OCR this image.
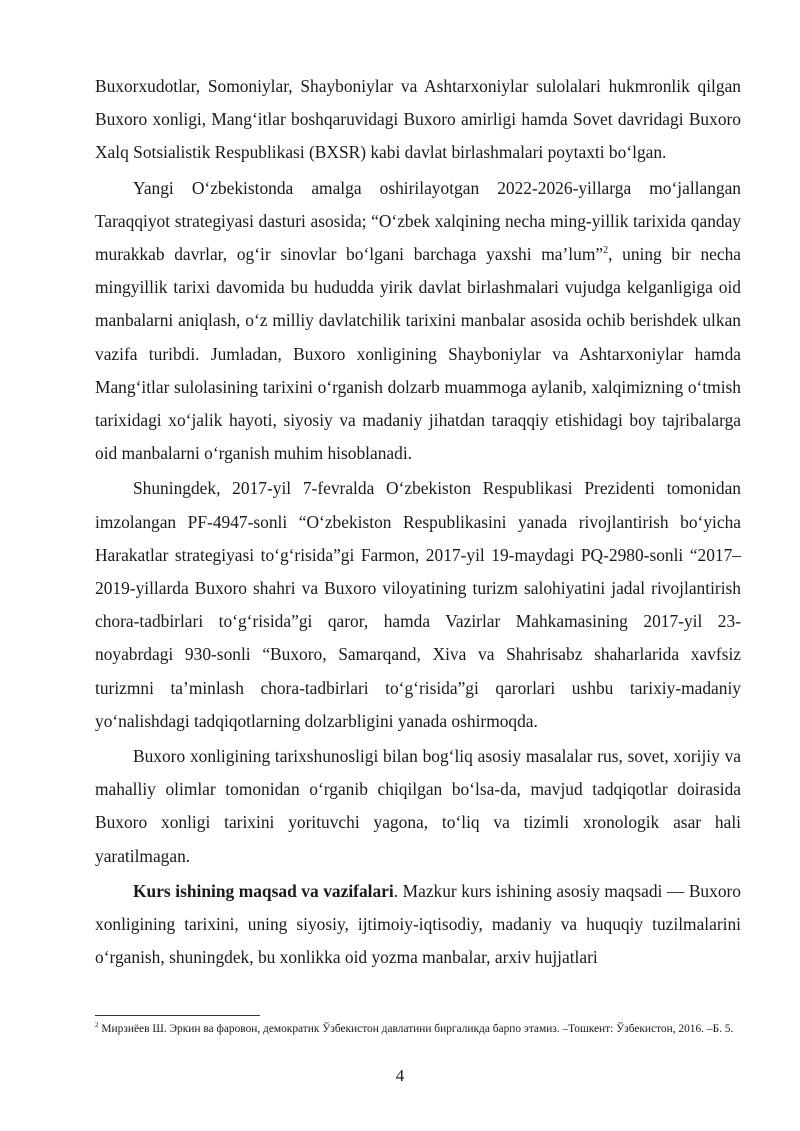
Buxorxudotlar, Somoniylar, Shayboniylar va Ashtarxoniylar sulolalari hukmronlik qilgan Buxoro xonligi, Mang‘itlar boshqaruvidagi Buxoro amirligi hamda Sovet davridagi Buxoro Xalq Sotsialistik Respublikasi (BXSR) kabi davlat birlashmalari poytaxti bo‘lgan.

Yangi O‘zbekistonda amalga oshirilayotgan 2022-2026-yillarga mo‘jallangan Taraqqiyot strategiyasi dasturi asosida; “O‘zbek xalqining necha ming-yillik tarixida qanday murakkab davrlar, og‘ir sinovlar bo‘lgani barchaga yaxshi ma’lum”$^2$, uning bir necha mingyillik tarixi davomida bu hududda yirik davlat birlashmalari vujudga kelganligiga oid manbalarni aniqlash, o‘z milliy davlatchilik tarixini manbalar asosida ochib berishdek ulkan vazifa turibdi. Jumladan, Buxoro xonligining Shayboniylar va Ashtarxoniylar hamda Mang‘itlar sulolasining tarixini o‘rganish dolzarb muammoga aylanib, xalqimizning o‘tmish tarixidagi xo‘jalik hayoti, siyosiy va madaniy jihatdan taraqqiy etishidagi boy tajribalarga oid manbalarni o‘rganish muhim hisoblanadi.

Shuningdek, 2017-yil 7-fevralda O‘zbekiston Respublikasi Prezidenti tomonidan imzolangan PF-4947-sonli “O‘zbekiston Respublikasini yanada rivojlantirish bo‘yicha Harakatlar strategiyasi to‘g‘risida”gi Farmon, 2017-yil 19-maydagi PQ-2980-sonli “2017–2019-yillarda Buxoro shahri va Buxoro viloyatining turizm salohiyatini jadal rivojlantirish chora-tadbirlari to‘g‘risida”gi qaror, hamda Vazirlar Mahkamasining 2017-yil 23-noyabrdagi 930-sonli “Buxoro, Samarqand, Xiva va Shahrisabz shaharlarida xavfsiz turizmni ta’minlash chora-tadbirlari to‘g‘risida”gi qarorlari ushbu tarixiy-madaniy yo‘nalishdagi tadqiqotlarning dolzarbligini yanada oshirmoqda.

Buxoro xonligining tarixshunosligi bilan bog‘liq asosiy masalalar rus, sovet, xorijiy va mahalliy olimlar tomonidan o‘rganib chiqilgan bo‘lsa-da, mavjud tadqiqotlar doirasida Buxoro xonligi tarixini yorituvchi yagona, to‘liq va tizimli xronologik asar hali yaratilmagan.

Kurs ishining maqsad va vazifalari. Mazkur kurs ishining asosiy maqsadi — Buxoro xonligining tarixini, uning siyosiy, ijtimoiy-iqtisodiy, madaniy va huquqiy tuzilmalarini o‘rganish, shuningdek, bu xonlikka oid yozma manbalar, arxiv hujjatlari

$^2$ Мирзиёев Ш. Эркин ва фаровон, демократик Ўзбекистон давлатини биргаликда барпо этамиз. –Тошкент: Ўзбекистон, 2016. –Б. 5.
4
